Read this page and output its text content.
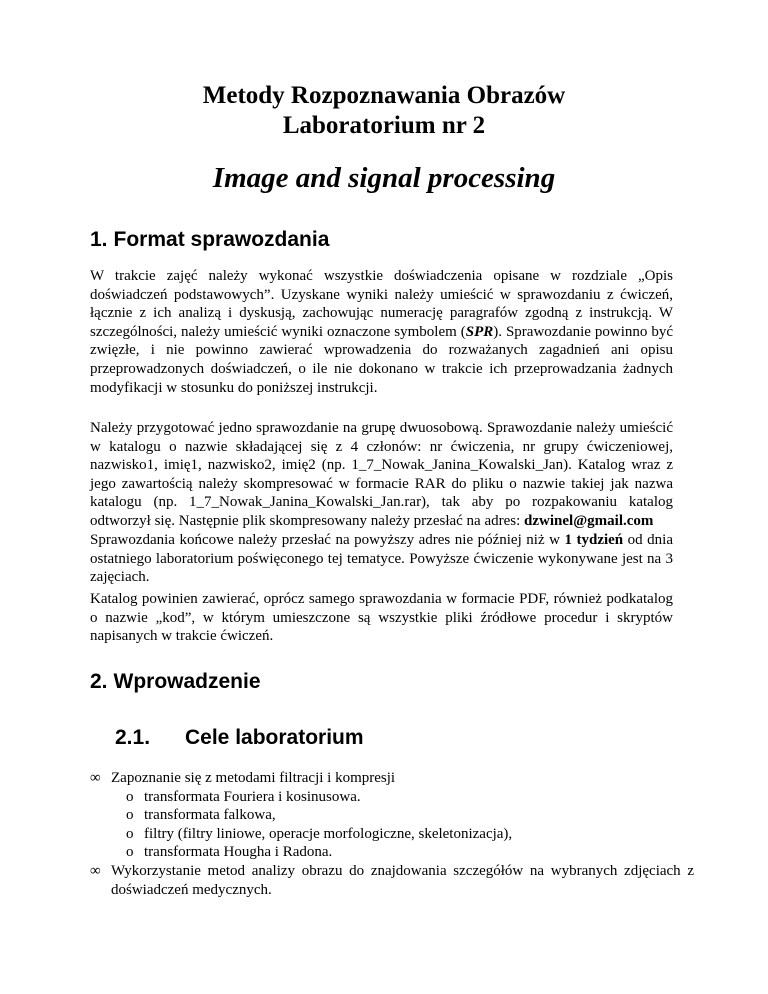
Metody Rozpoznawania Obrazów
Laboratorium nr 2
Image and signal processing
1. Format sprawozdania

W trakcie zajęć należy wykonać wszystkie doświadczenia opisane w rozdziale „Opis doświadczeń podstawowych”. Uzyskane wyniki należy umieścić w sprawozdaniu z ćwiczeń, łącznie z ich analizą i dyskusją, zachowując numerację paragrafów zgodną z instrukcją. W szczególności, należy umieścić wyniki oznaczone symbolem (SPR). Sprawozdanie powinno być zwięzłe, i nie powinno zawierać wprowadzenia do rozważanych zagadnień ani opisu przeprowadzonych doświadczeń, o ile nie dokonano w trakcie ich przeprowadzania żadnych modyfikacji w stosunku do poniższej instrukcji.

Należy przygotować jedno sprawozdanie na grupę dwuosobową. Sprawozdanie należy umieścić w katalogu o nazwie składającej się z 4 członów: nr ćwiczenia, nr grupy ćwiczeniowej, nazwisko1, imię1, nazwisko2, imię2 (np. 1_7_Nowak_Janina_Kowalski_Jan). Katalog wraz z jego zawartością należy skompresować w formacie RAR do pliku o nazwie takiej jak nazwa katalogu (np. 1_7_Nowak_Janina_Kowalski_Jan.rar), tak aby po rozpakowaniu katalog odtworzył się. Następnie plik skompresowany należy przesłać na adres: dzwinel@gmail.com

Sprawozdania końcowe należy przesłać na powyższy adres nie później niż w 1 tydzień od dnia ostatniego laboratorium poświęconego tej tematyce. Powyższe ćwiczenie wykonywane jest na 3 zajęciach.

Katalog powinien zawierać, oprócz samego sprawozdania w formacie PDF, również podkatalog o nazwie „kod”, w którym umieszczone są wszystkie pliki źródłowe procedur i skryptów napisanych w trakcie ćwiczeń.

2. Wprowadzenie
2.1. Cele laboratorium
∞ Zapoznanie się z metodami filtracji i kompresji
o transformata Fouriera i kosinusowa.
o transformata falkowa,
o filtry (filtry liniowe, operacje morfologiczne, skeletonizacja),
o transformata Hougha i Radona.
∞ Wykorzystanie metod analizy obrazu do znajdowania szczegółów na wybranych zdjęciach z doświadczeń medycznych.
